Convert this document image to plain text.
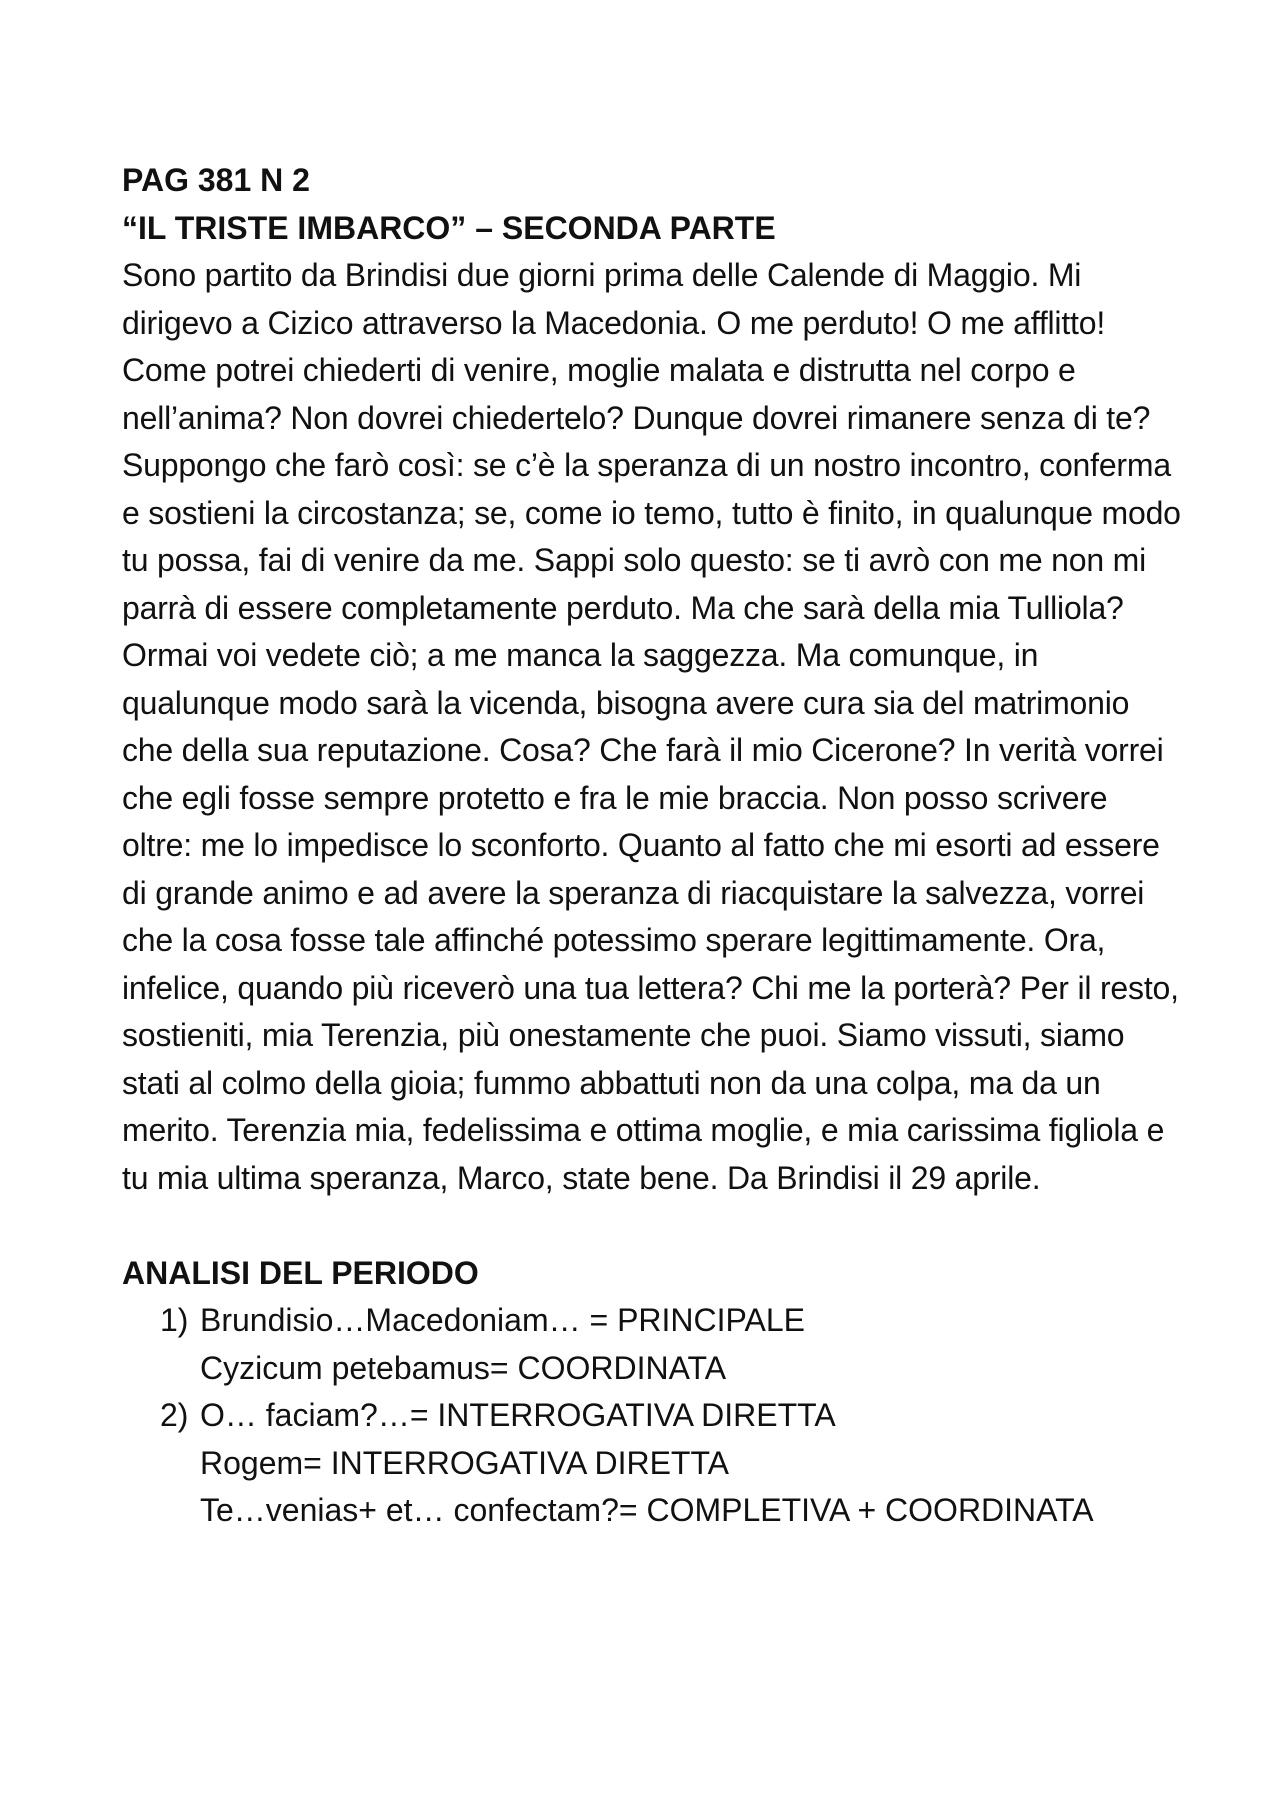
PAG 381 N 2
“IL TRISTE IMBARCO” – SECONDA PARTE

Sono partito da Brindisi due giorni prima delle Calende di Maggio. Mi dirigevo a Cizico attraverso la Macedonia. O me perduto! O me afflitto! Come potrei chiederti di venire, moglie malata e distrutta nel corpo e nell’anima? Non dovrei chiedertelo? Dunque dovrei rimanere senza di te? Suppongo che farò così: se c’è la speranza di un nostro incontro, conferma e sostieni la circostanza; se, come io temo, tutto è finito, in qualunque modo tu possa, fai di venire da me. Sappi solo questo: se ti avrò con me non mi parrà di essere completamente perduto. Ma che sarà della mia Tulliola? Ormai voi vedete ciò; a me manca la saggezza. Ma comunque, in qualunque modo sarà la vicenda, bisogna avere cura sia del matrimonio che della sua reputazione. Cosa? Che farà il mio Cicerone? In verità vorrei che egli fosse sempre protetto e fra le mie braccia. Non posso scrivere oltre: me lo impedisce lo sconforto. Quanto al fatto che mi esorti ad essere di grande animo e ad avere la speranza di riacquistare la salvezza, vorrei che la cosa fosse tale affinché potessimo sperare legittimamente. Ora, infelice, quando più riceverò una tua lettera? Chi me la porterà? Per il resto, sostieniti, mia Terenzia, più onestamente che puoi. Siamo vissuti, siamo stati al colmo della gioia; fummo abbattuti non da una colpa, ma da un merito. Terenzia mia, fedelissima e ottima moglie, e mia carissima figliola e tu mia ultima speranza, Marco, state bene. Da Brindisi il 29 aprile.

ANALISI DEL PERIODO
1) Brundisio…Macedoniam… = PRINCIPALE
Cyzicum petebamus= COORDINATA
2) O… faciam?…= INTERROGATIVA DIRETTA
Rogem= INTERROGATIVA DIRETTA
Te…venias+ et… confectam?= COMPLETIVA + COORDINATA
